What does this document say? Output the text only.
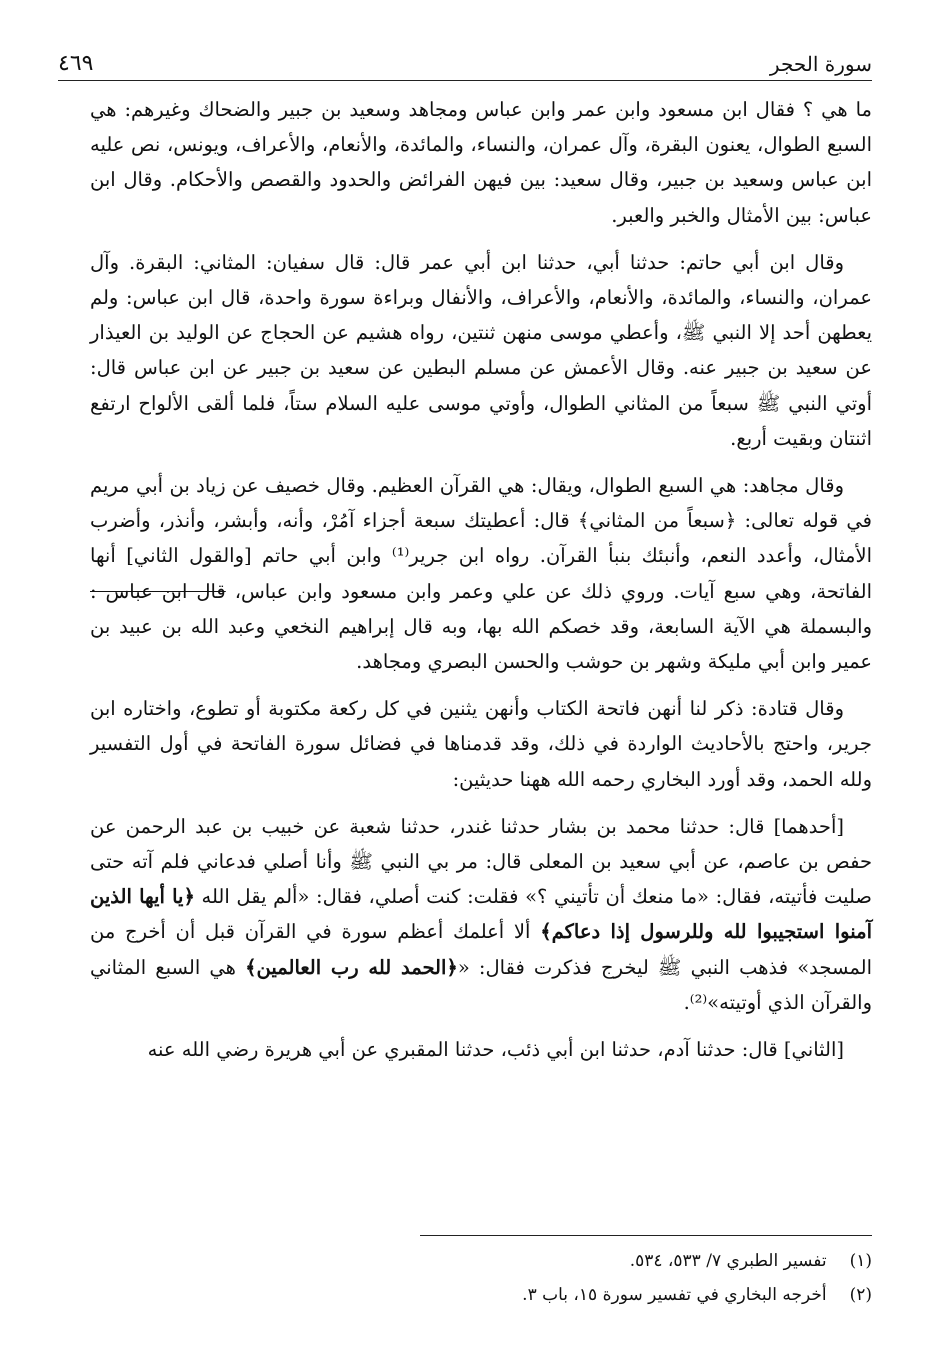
سورة الحجر
٤٦٩

ما هي ؟ فقال ابن مسعود وابن عمر وابن عباس ومجاهد وسعيد بن جبير والضحاك وغيرهم: هي السبع الطوال، يعنون البقرة، وآل عمران، والنساء، والمائدة، والأنعام، والأعراف، ويونس، نص عليه ابن عباس وسعيد بن جبير، وقال سعيد: بين فيهن الفرائض والحدود والقصص والأحكام. وقال ابن عباس: بين الأمثال والخبر والعبر.

وقال ابن أبي حاتم: حدثنا أبي، حدثنا ابن أبي عمر قال: قال سفيان: المثاني: البقرة. وآل عمران، والنساء، والمائدة، والأنعام، والأعراف، والأنفال وبراءة سورة واحدة، قال ابن عباس: ولم يعطهن أحد إلا النبي ﷺ، وأعطي موسى منهن ثنتين، رواه هشيم عن الحجاج عن الوليد بن العيذار عن سعيد بن جبير عنه. وقال الأعمش عن مسلم البطين عن سعيد بن جبير عن ابن عباس قال: أوتي النبي ﷺ سبعاً من المثاني الطوال، وأوتي موسى عليه السلام ستاً، فلما ألقى الألواح ارتفع اثنتان وبقيت أربع.

وقال مجاهد: هي السبع الطوال، ويقال: هي القرآن العظيم. وقال خصيف عن زياد بن أبي مريم في قوله تعالى: ﴿سبعاً من المثاني﴾ قال: أعطيتك سبعة أجزاء آمُرْ، وأنه، وأبشر، وأنذر، وأضرب الأمثال، وأعدد النعم، وأنبئك بنبأ القرآن. رواه ابن جرير⁽¹⁾ وابن أبي حاتم [والقول الثاني] أنها الفاتحة، وهي سبع آيات. وروي ذلك عن علي وعمر وابن مسعود وابن عباس، قال ابن عباس : والبسملة هي الآية السابعة، وقد خصكم الله بها، وبه قال إبراهيم النخعي وعبد الله بن عبيد بن عمير وابن أبي مليكة وشهر بن حوشب والحسن البصري ومجاهد.

وقال قتادة: ذكر لنا أنهن فاتحة الكتاب وأنهن يثنين في كل ركعة مكتوبة أو تطوع، واختاره ابن جرير، واحتج بالأحاديث الواردة في ذلك، وقد قدمناها في فضائل سورة الفاتحة في أول التفسير ولله الحمد، وقد أورد البخاري رحمه الله ههنا حديثين:

[أحدهما] قال: حدثنا محمد بن بشار حدثنا غندر، حدثنا شعبة عن خبيب بن عبد الرحمن عن حفص بن عاصم، عن أبي سعيد بن المعلى قال: مر بي النبي ﷺ وأنا أصلي فدعاني فلم آته حتى صليت فأتيته، فقال: «ما منعك أن تأتيني ؟» فقلت: كنت أصلي، فقال: «ألم يقل الله ﴿يا أيها الذين آمنوا استجيبوا لله وللرسول إذا دعاكم﴾ ألا أعلمك أعظم سورة في القرآن قبل أن أخرج من المسجد» فذهب النبي ﷺ ليخرج فذكرت فقال: «﴿الحمد لله رب العالمين﴾ هي السبع المثاني والقرآن الذي أوتيته»⁽²⁾.

[الثاني] قال: حدثنا آدم، حدثنا ابن أبي ذئب، حدثنا المقبري عن أبي هريرة رضي الله عنه

(١) تفسير الطبري ٧/ ٥٣٣، ٥٣٤.

(٢) أخرجه البخاري في تفسير سورة ١٥، باب ٣.
